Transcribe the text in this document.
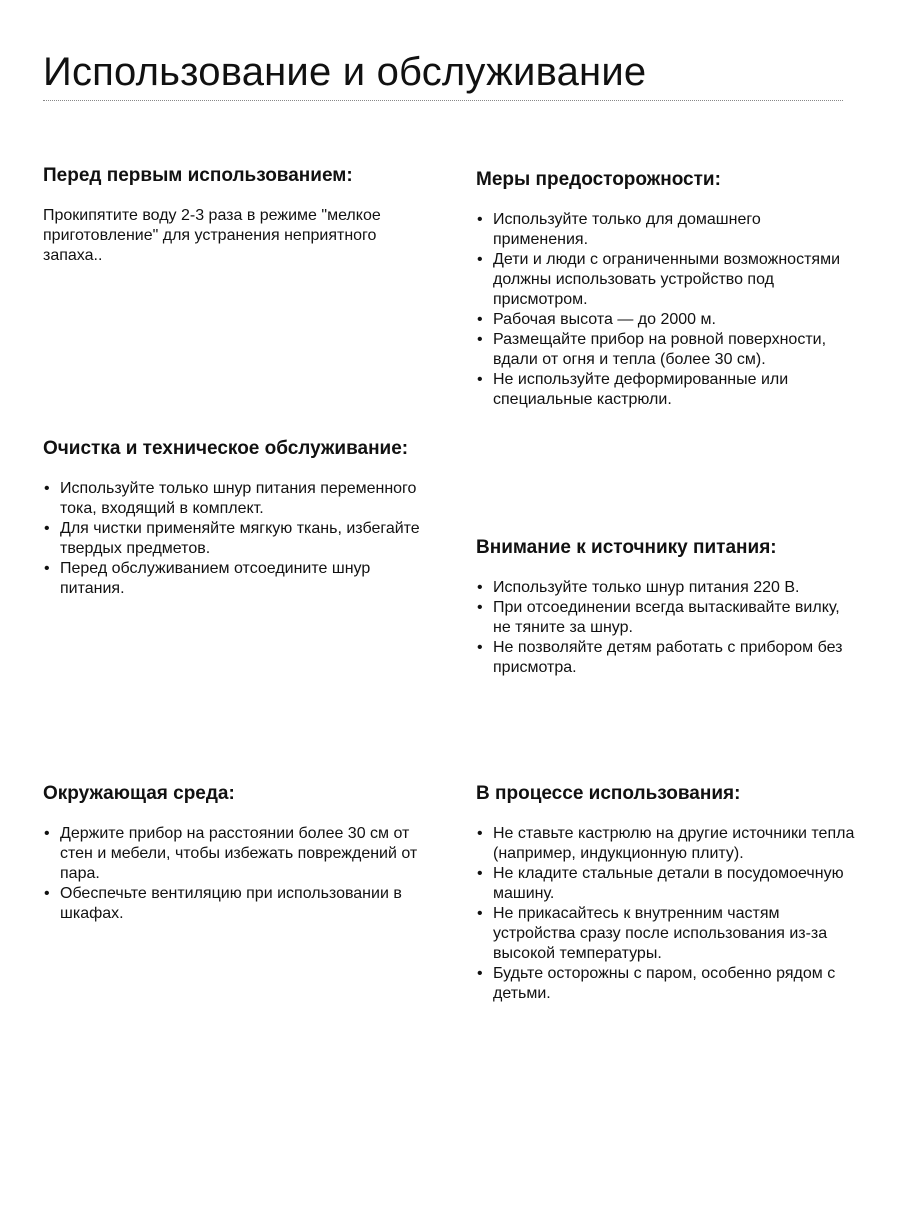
Использование и обслуживание
Перед первым использованием:

Прокипятите воду 2-3 раза в режиме "мелкое приготовление" для устранения неприятного запаха..

Меры предосторожности:
• Используйте только для домашнего применения.
• Дети и люди с ограниченными возможностями должны использовать устройство под присмотром.
• Рабочая высота — до 2000 м.
• Размещайте прибор на ровной поверхности, вдали от огня и тепла (более 30 см).
• Не используйте деформированные или специальные кастрюли.
Очистка и техническое обслуживание:
• Используйте только шнур питания переменного тока, входящий в комплект.
• Для чистки применяйте мягкую ткань, избегайте твердых предметов.
• Перед обслуживанием отсоедините шнур питания.
Внимание к источнику питания:
• Используйте только шнур питания 220 В.
• При отсоединении всегда вытаскивайте вилку, не тяните за шнур.
• Не позволяйте детям работать с прибором без присмотра.
Окружающая среда:
• Держите прибор на расстоянии более 30 см от стен и мебели, чтобы избежать повреждений от пара.
• Обеспечьте вентиляцию при использовании в шкафах.
В процессе использования:
• Не ставьте кастрюлю на другие источники тепла (например, индукционную плиту).
• Не кладите стальные детали в посудомоечную машину.
• Не прикасайтесь к внутренним частям устройства сразу после использования из-за высокой температуры.
• Будьте осторожны с паром, особенно рядом с детьми.
